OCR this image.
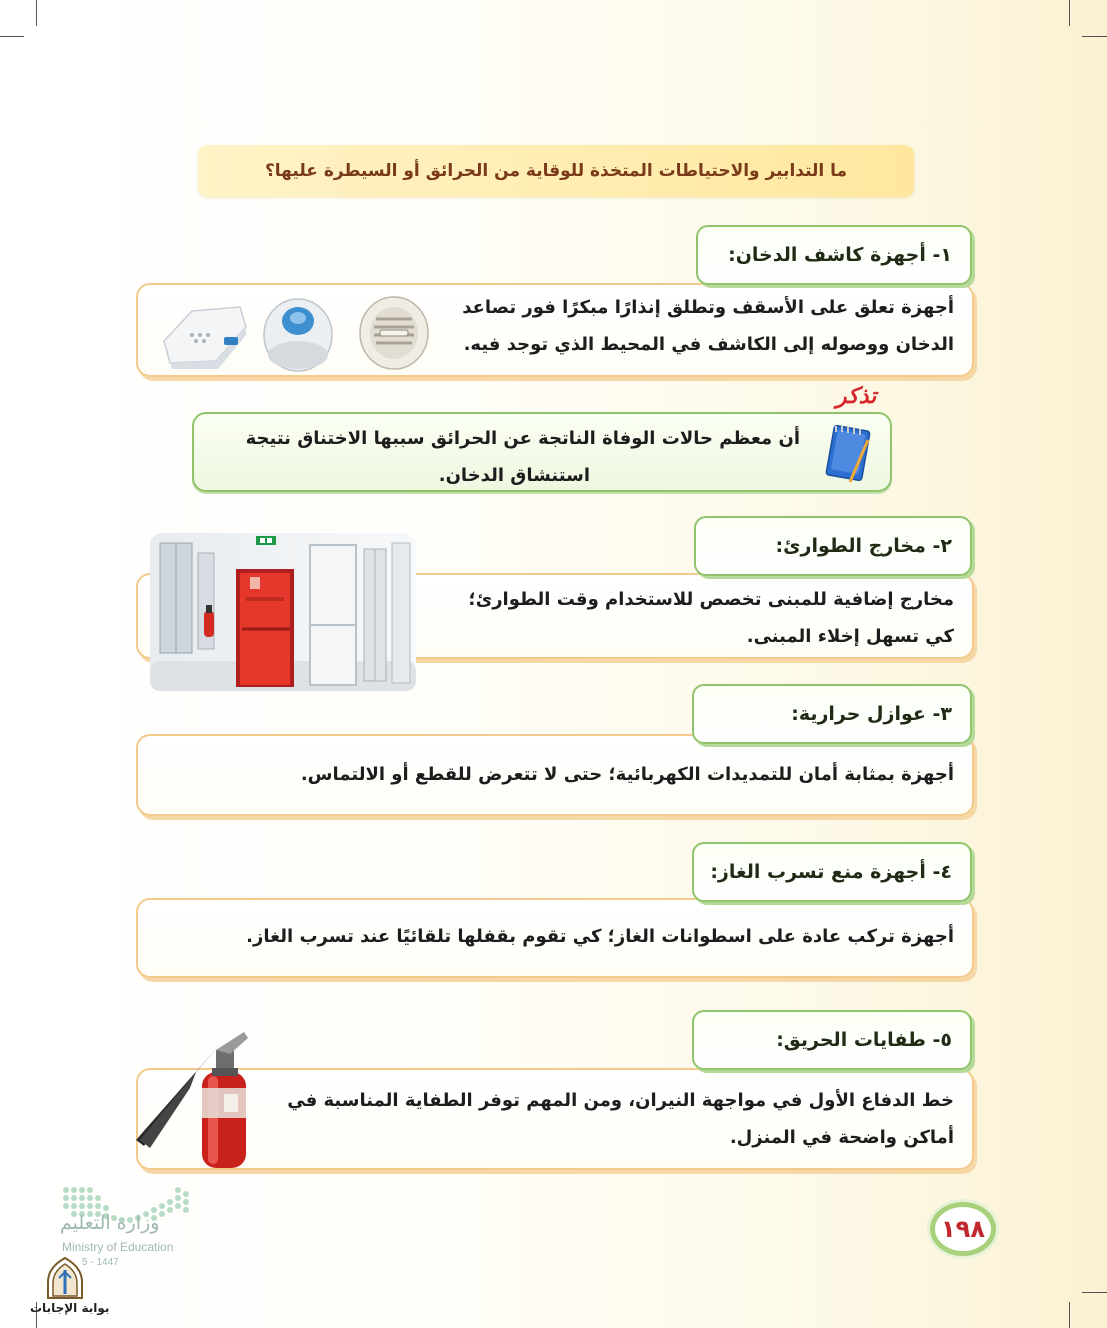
ما التدابير والاحتياطات المتخذة للوقاية من الحرائق أو السيطرة عليها؟
أجهزة تعلق على الأسقف وتطلق إنذارًا مبكرًا فور تصاعد
الدخان ووصوله إلى الكاشف في المحيط الذي توجد فيه.
١- أجهزة كاشف الدخان:
أن معظم حالات الوفاة الناتجة عن الحرائق سببها الاختناق نتيجة
استنشاق الدخان.
تذكر
مخارج إضافية للمبنى تخصص للاستخدام وقت الطوارئ؛
كي تسهل إخلاء المبنى.
٢- مخارج الطوارئ:
أجهزة بمثابة أمان للتمديدات الكهربائية؛ حتى لا تتعرض للقطع أو الالتماس.
٣- عوازل حرارية:
أجهزة تركب عادة على اسطوانات الغاز؛ كي تقوم بقفلها تلقائيًا عند تسرب الغاز.
٤- أجهزة منع تسرب الغاز:
خط الدفاع الأول في مواجهة النيران، ومن المهم توفر الطفاية المناسبة في
أماكن واضحة في المنزل.
٥- طفايات الحريق:
١٩٨
وزارة التعليم
Ministry of Education
5 - 1447
بوابة الإجابات
